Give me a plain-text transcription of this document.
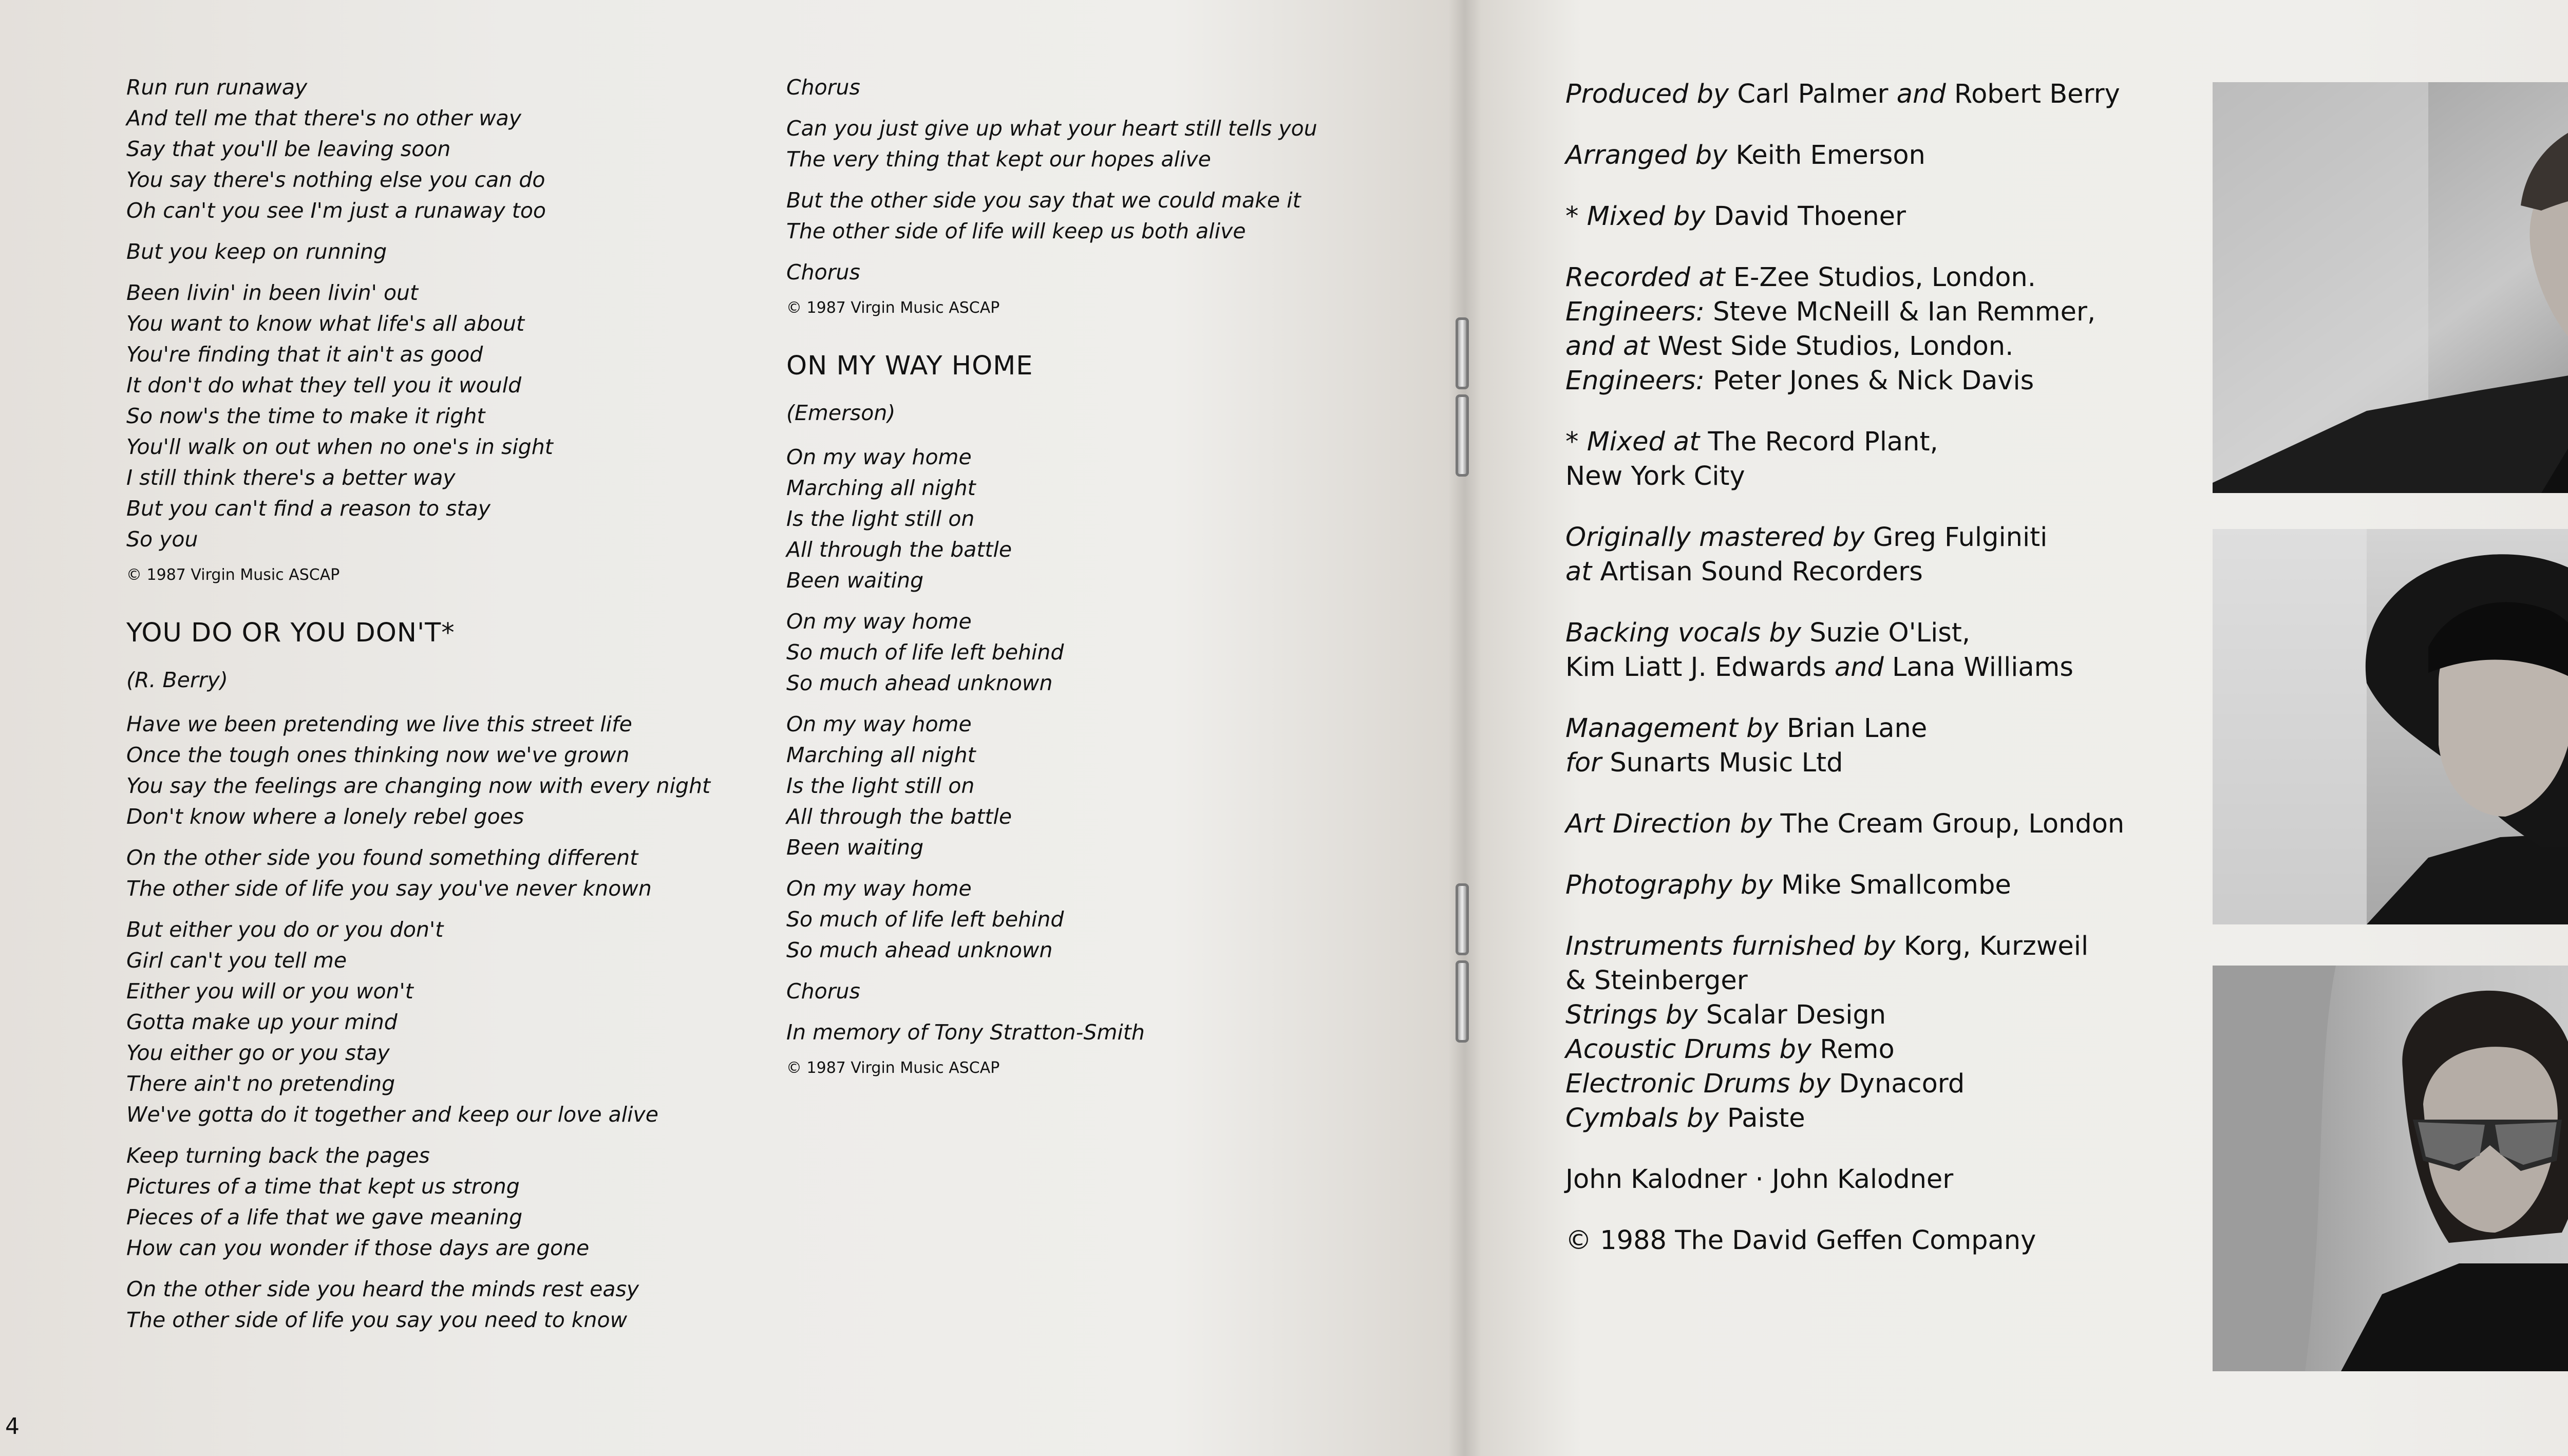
Run run runaway
And tell me that there's no other way
Say that you'll be leaving soon
You say there's nothing else you can do
Oh can't you see I'm just a runaway too

But you keep on running

Been livin' in been livin' out
You want to know what life's all about
You're finding that it ain't as good
It don't do what they tell you it would
So now's the time to make it right
You'll walk on out when no one's in sight
I still think there's a better way
But you can't find a reason to stay
So you

© 1987 Virgin Music ASCAP

YOU DO OR YOU DON'T*

(R. Berry)

Have we been pretending we live this street life
Once the tough ones thinking now we've grown
You say the feelings are changing now with every night
Don't know where a lonely rebel goes

On the other side you found something different
The other side of life you say you've never known

But either you do or you don't
Girl can't you tell me
Either you will or you won't
Gotta make up your mind
You either go or you stay
There ain't no pretending
We've gotta do it together and keep our love alive

Keep turning back the pages
Pictures of a time that kept us strong
Pieces of a life that we gave meaning
How can you wonder if those days are gone

On the other side you heard the minds rest easy
The other side of life you say you need to know

Chorus

Can you just give up what your heart still tells you
The very thing that kept our hopes alive

But the other side you say that we could make it
The other side of life will keep us both alive

Chorus

© 1987 Virgin Music ASCAP

ON MY WAY HOME

(Emerson)

On my way home
Marching all night
Is the light still on
All through the battle
Been waiting

On my way home
So much of life left behind
So much ahead unknown

On my way home
Marching all night
Is the light still on
All through the battle
Been waiting

On my way home
So much of life left behind
So much ahead unknown

Chorus

In memory of Tony Stratton-Smith

© 1987 Virgin Music ASCAP

4

Produced by Carl Palmer and Robert Berry

Arranged by Keith Emerson

* Mixed by David Thoener

Recorded at E-Zee Studios, London.
Engineers: Steve McNeill & Ian Remmer,
and at West Side Studios, London.
Engineers: Peter Jones & Nick Davis

* Mixed at The Record Plant,
New York City

Originally mastered by Greg Fulginiti
at Artisan Sound Recorders

Backing vocals by Suzie O'List,
Kim Liatt J. Edwards and Lana Williams

Management by Brian Lane
for Sunarts Music Ltd

Art Direction by The Cream Group, London

Photography by Mike Smallcombe

Instruments furnished by Korg, Kurzweil
& Steinberger
Strings by Scalar Design
Acoustic Drums by Remo
Electronic Drums by Dynacord
Cymbals by Paiste

John Kalodner · John Kalodner

© 1988 The David Geffen Company
